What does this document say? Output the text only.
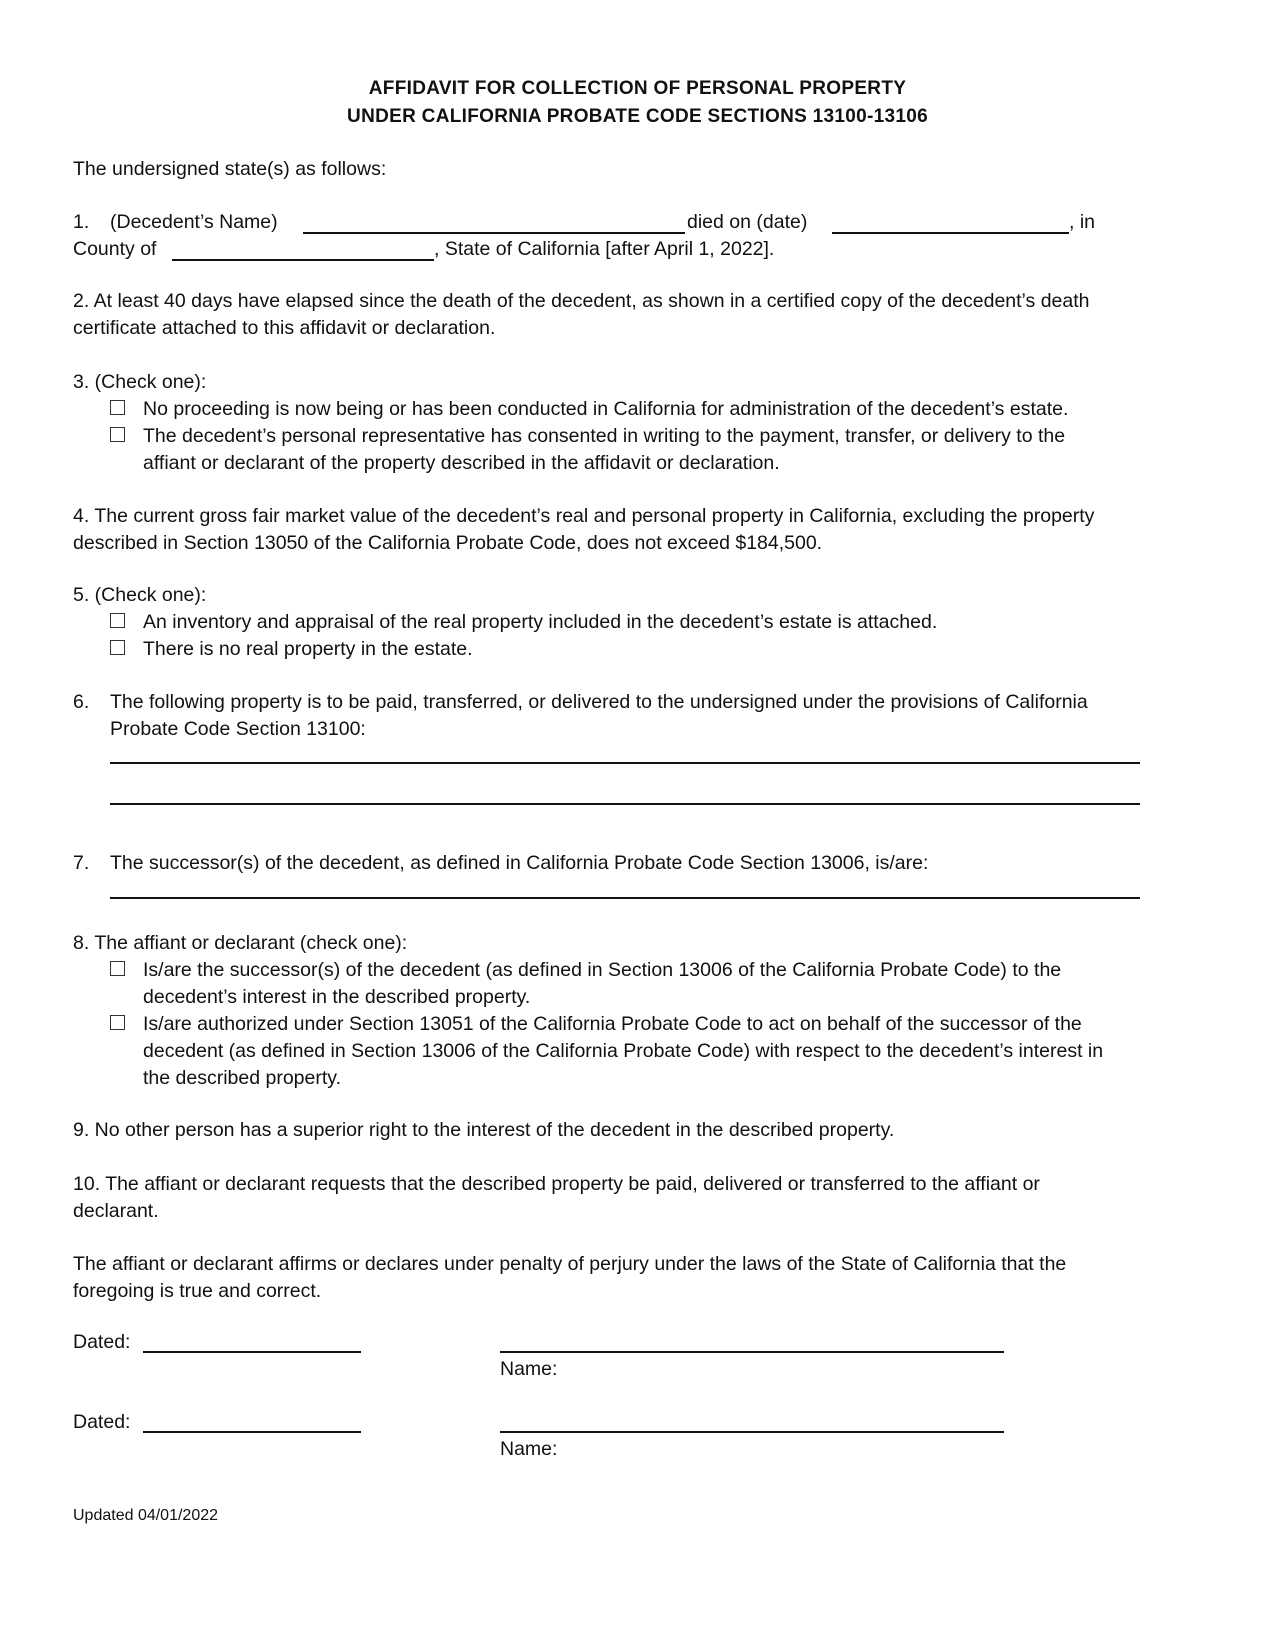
AFFIDAVIT FOR COLLECTION OF PERSONAL PROPERTY
UNDER CALIFORNIA PROBATE CODE SECTIONS 13100-13106
The undersigned state(s) as follows:
1. (Decedent’s Name)	died on (date)	, in
County of	, State of California [after April 1, 2022].
2. At least 40 days have elapsed since the death of the decedent, as shown in a certified copy of the decedent’s death
certificate attached to this affidavit or declaration.
3. (Check one):
No proceeding is now being or has been conducted in California for administration of the decedent’s estate.
The decedent’s personal representative has consented in writing to the payment, transfer, or delivery to the
affiant or declarant of the property described in the affidavit or declaration.
4. The current gross fair market value of the decedent’s real and personal property in California, excluding the property
described in Section 13050 of the California Probate Code, does not exceed $184,500.
5. (Check one):
An inventory and appraisal of the real property included in the decedent’s estate is attached.
There is no real property in the estate.
6. The following property is to be paid, transferred, or delivered to the undersigned under the provisions of California
Probate Code Section 13100:
7. The successor(s) of the decedent, as defined in California Probate Code Section 13006, is/are:
8. The affiant or declarant (check one):
Is/are the successor(s) of the decedent (as defined in Section 13006 of the California Probate Code) to the
decedent’s interest in the described property.
Is/are authorized under Section 13051 of the California Probate Code to act on behalf of the successor of the
decedent (as defined in Section 13006 of the California Probate Code) with respect to the decedent’s interest in
the described property.
9. No other person has a superior right to the interest of the decedent in the described property.
10. The affiant or declarant requests that the described property be paid, delivered or transferred to the affiant or
declarant.
The affiant or declarant affirms or declares under penalty of perjury under the laws of the State of California that the
foregoing is true and correct.
Dated:
Name:
Dated:
Name:
Updated 04/01/2022
